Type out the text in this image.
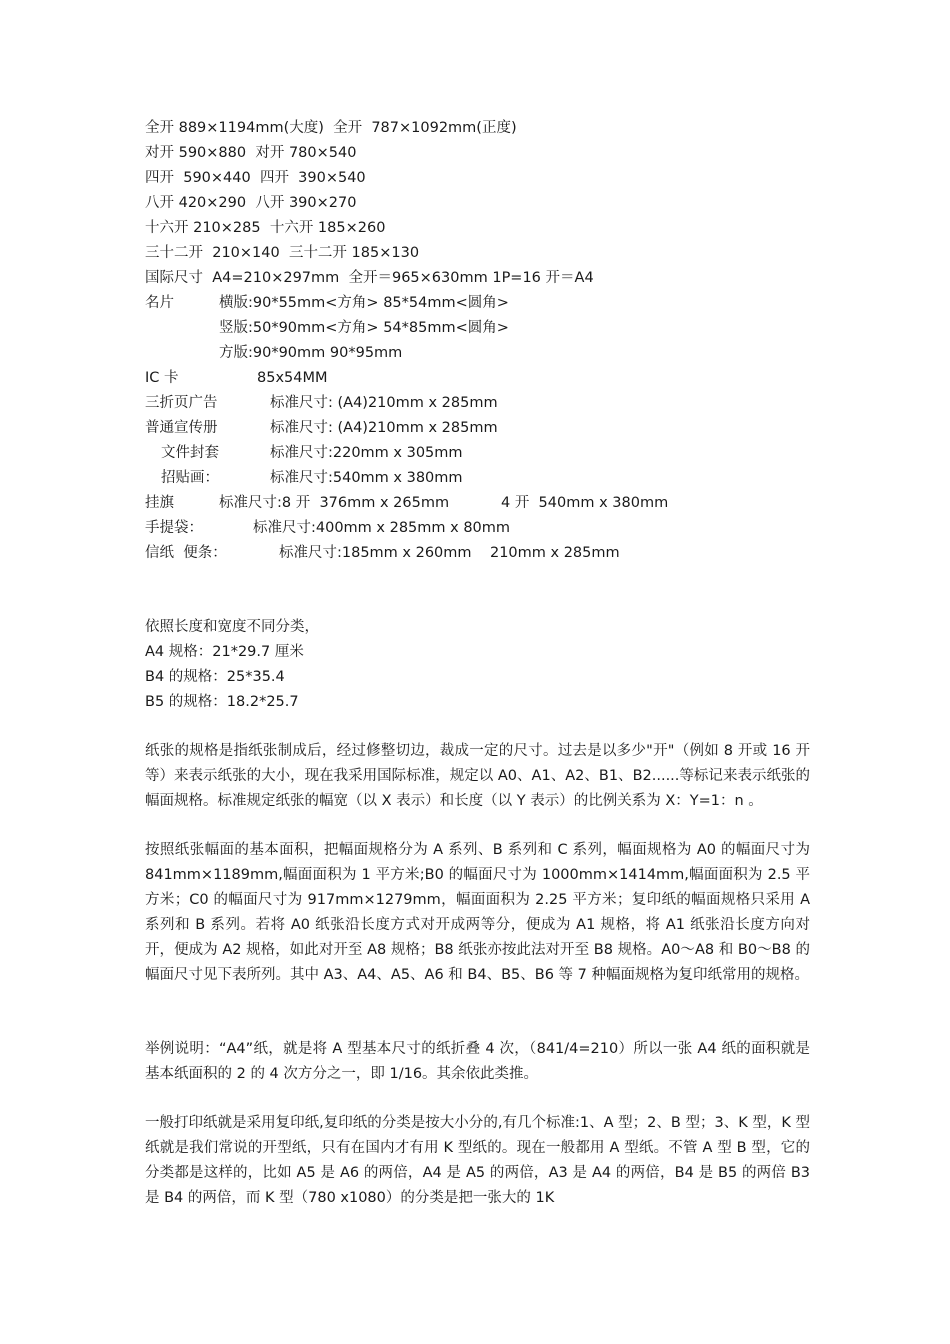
全开 889×1194mm(大度)  全开  787×1092mm(正度)
对开 590×880  对开 780×540
四开  590×440  四开  390×540
八开 420×290  八开 390×270
十六开 210×285  十六开 185×260
三十二开  210×140  三十二开 185×130
国际尺寸  A4=210×297mm  全开＝965×630mm 1P=16 开＝A4
名片	横版:90*55mm<方角> 85*54mm<圆角>
竖版:50*90mm<方角> 54*85mm<圆角>
方版:90*90mm 90*95mm
IC 卡	85x54MM
三折页广告	标准尺寸: (A4)210mm x 285mm
普通宣传册	标准尺寸: (A4)210mm x 285mm
文件封套	标准尺寸:220mm x 305mm
招贴画：	标准尺寸:540mm x 380mm
挂旗	标准尺寸:8 开  376mm x 265mm	4 开  540mm x 380mm
手提袋：	标准尺寸:400mm x 285mm x 80mm
信纸  便条：	标准尺寸:185mm x 260mm    210mm x 285mm
依照长度和宽度不同分类，
A4 规格：21*29.7 厘米
B4 的规格：25*35.4
B5 的规格：18.2*25.7

纸张的规格是指纸张制成后，经过修整切边，裁成一定的尺寸。过去是以多少"开"（例如 8 开或 16 开等）来表示纸张的大小，现在我采用国际标准，规定以 A0、A1、A2、B1、B2......等标记来表示纸张的幅面规格。标准规定纸张的幅宽（以 X 表示）和长度（以 Y 表示）的比例关系为 X：Y=1：n 。

按照纸张幅面的基本面积，把幅面规格分为 A 系列、B 系列和 C 系列，幅面规格为 A0 的幅面尺寸为 841mm×1189mm,幅面面积为 1 平方米;B0 的幅面尺寸为 1000mm×1414mm,幅面面积为 2.5 平方米；C0 的幅面尺寸为 917mm×1279mm，幅面面积为 2.25 平方米；复印纸的幅面规格只采用 A 系列和 B 系列。若将 A0 纸张沿长度方式对开成两等分，便成为 A1 规格，将 A1 纸张沿长度方向对开，便成为 A2 规格，如此对开至 A8 规格；B8 纸张亦按此法对开至 B8 规格。A0～A8 和 B0～B8 的幅面尺寸见下表所列。其中 A3、A4、A5、A6 和 B4、B5、B6 等 7 种幅面规格为复印纸常用的规格。

举例说明：“A4”纸，就是将 A 型基本尺寸的纸折叠 4 次，（841/4=210）所以一张 A4 纸的面积就是基本纸面积的 2 的 4 次方分之一，即 1/16。其余依此类推。

一般打印纸就是采用复印纸,复印纸的分类是按大小分的,有几个标准:1、A 型；2、B 型；3、K 型，K 型纸就是我们常说的开型纸，只有在国内才有用 K 型纸的。现在一般都用 A 型纸。不管 A 型 B 型，它的分类都是这样的，比如 A5 是 A6 的两倍，A4 是 A5 的两倍，A3 是 A4 的两倍，B4 是 B5 的两倍 B3 是 B4 的两倍，而 K 型（780 x1080）的分类是把一张大的 1K
